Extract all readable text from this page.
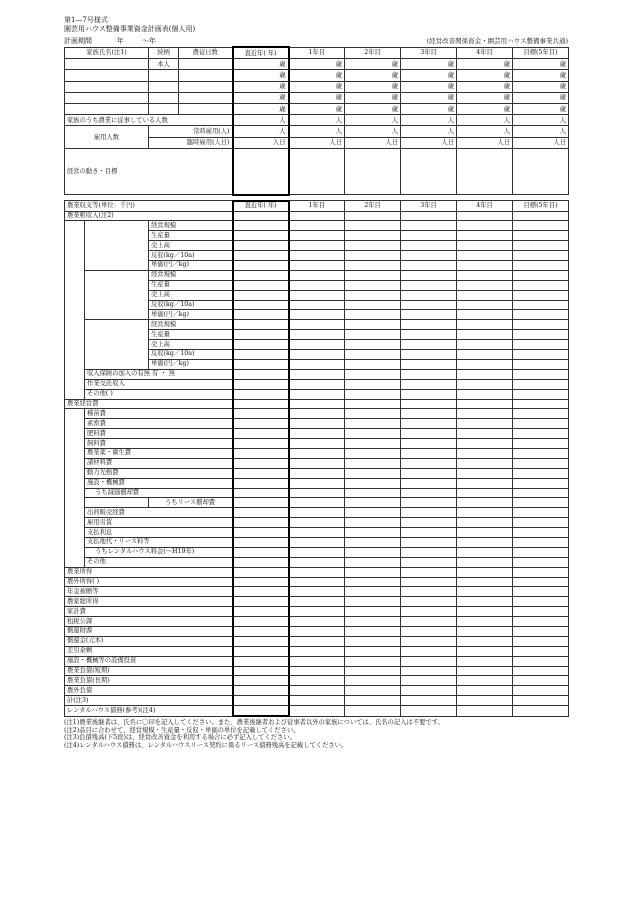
第1—7号様式
園芸用ハウス整備事業資金計画表(個人用)
(経営改善関係資金・園芸用ハウス整備事業共通)
計画期間	年	〜年
家族氏名(注1)	続柄	農従日数	直近年( 年)	1年目	2年目	3年目	4年目	目標(5年目)
	本人		歳	歳	歳	歳	歳	歳
			歳	歳	歳	歳	歳	歳
			歳	歳	歳	歳	歳	歳
			歳	歳	歳	歳	歳	歳
			歳	歳	歳	歳	歳	歳
家族のうち農業に従事している人数			人	人	人	人	人	人
雇用人数	常時雇用(人)		人	人	人	人	人	人
	臨時雇用(人日)		人日	人日	人日	人日	人日	人日
経営の動き・目標								
農業収支等(単位：千円)			直近年( 年)	1年目	2年目	3年目	4年目	目標(5年目)
農業粗収入(注2)								
		経営規模						
		生産量						
		売上高						
		反収(kg／10a)						
		単価(円／kg)						
		経営規模						
		生産量						
		売上高						
		反収(kg／10a)						
		単価(円／kg)						
		経営規模						
		生産量						
		売上高						
		反収(kg／10a)						
		単価(円／kg)						
	収入保険の加入の有無 有 ・ 無							
	作業受託収入							
	その他( )							
農業経営費								
	種苗費							
	素畜費							
	肥料費							
	飼料費							
	農業薬・衛生費							
	諸材料費							
	動力光熱費							
	施設・機械費							
	うち減価償却費							
		うちリース償却費						
	出荷販売経費							
	雇用労賃							
	支払利息							
	支払地代・リース料等							
	うちレンタルハウス料金(〜H19年)							
	その他							
農業所得								
農外所得( )								
年金被贈等								
農家総所得								
家計費								
租税公課								
償還財源								
償還金(元本)								
差引余剰								
施設・機械等の設備投資								
農業負債(短期)								
農業負債(長期)								
農外負債								
計(注3)								
レンタルハウス債務(参考)(注4)								
(注1)農業後継者は、氏名に〇印を記入してください。また、農業後継者および従事者以外の家族については、氏名の記入は不要です。
(注2)品目に合わせて、経営規模・生産量・反収・単価の単位を記載してください。
(注3)負債残高(下5段)は、経営改善資金を利用する場合に必ず記入してください。
(注4)レンタルハウス債務は、レンタルハウスリース契約に係るリース債務残高を記載してください。
